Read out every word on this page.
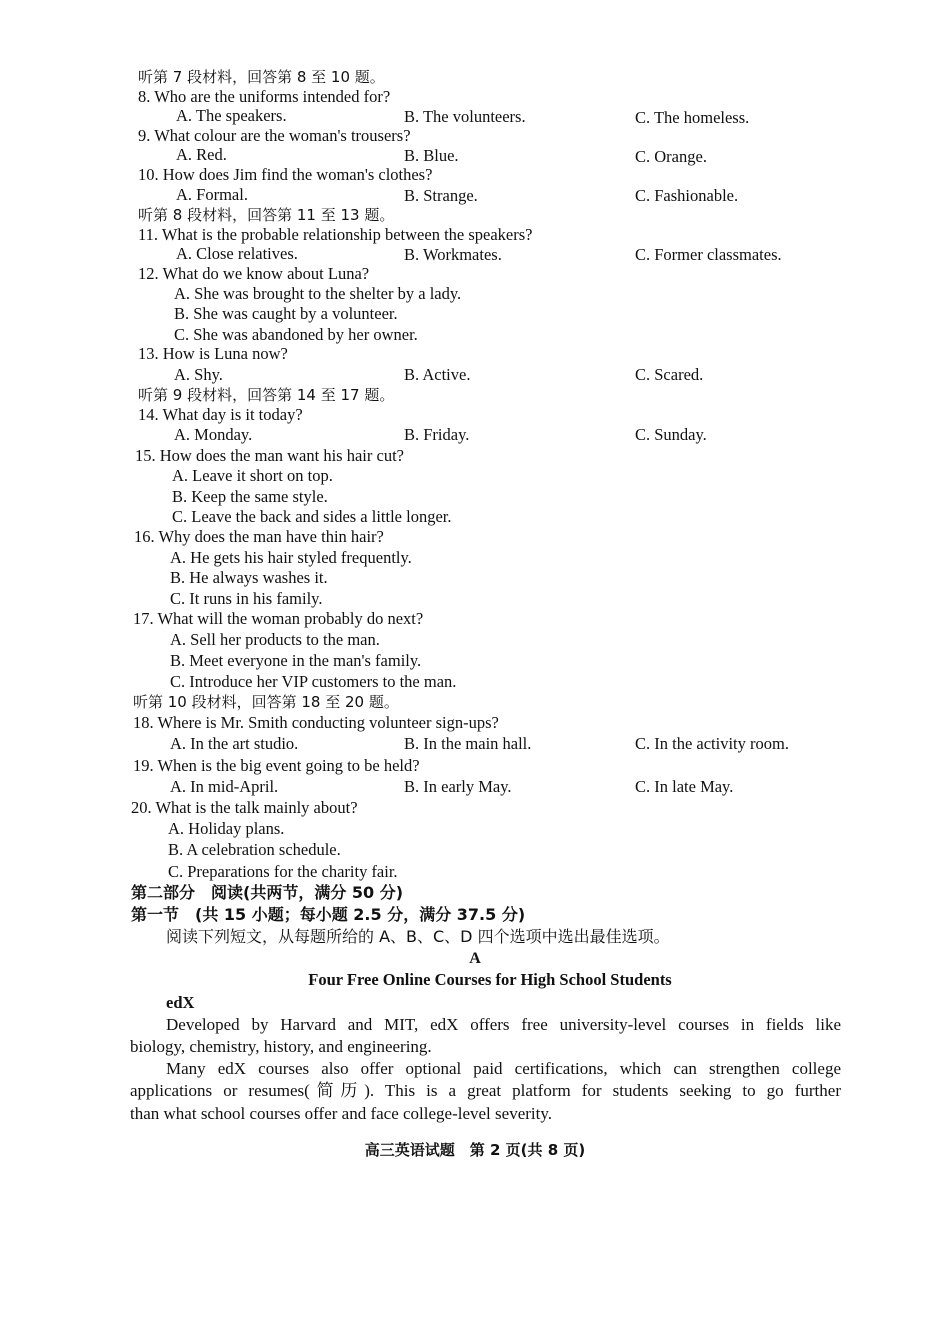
听第 7 段材料，回答第 8 至 10 题。
8. Who are the uniforms intended for?
A. The speakers.	B. The volunteers.	C. The homeless.
9. What colour are the woman's trousers?
A. Red.	B. Blue.	C. Orange.
10. How does Jim find the woman's clothes?
A. Formal.	B. Strange.	C. Fashionable.
听第 8 段材料，回答第 11 至 13 题。
11. What is the probable relationship between the speakers?
A. Close relatives.	B. Workmates.	C. Former classmates.
12. What do we know about Luna?
A. She was brought to the shelter by a lady.
B. She was caught by a volunteer.
C. She was abandoned by her owner.
13. How is Luna now?
A. Shy.	B. Active.	C. Scared.
听第 9 段材料，回答第 14 至 17 题。
14. What day is it today?
A. Monday.	B. Friday.	C. Sunday.
15. How does the man want his hair cut?
A. Leave it short on top.
B. Keep the same style.
C. Leave the back and sides a little longer.
16. Why does the man have thin hair?
A. He gets his hair styled frequently.
B. He always washes it.
C. It runs in his family.
17. What will the woman probably do next?
A. Sell her products to the man.
B. Meet everyone in the man's family.
C. Introduce her VIP customers to the man.
听第 10 段材料，回答第 18 至 20 题。
18. Where is Mr. Smith conducting volunteer sign-ups?
A. In the art studio.	B. In the main hall.	C. In the activity room.
19. When is the big event going to be held?
A. In mid-April.	B. In early May.	C. In late May.
20. What is the talk mainly about?
A. Holiday plans.
B. A celebration schedule.
C. Preparations for the charity fair.
第二部分　阅读(共两节，满分 50 分)
第一节　(共 15 小题；每小题 2.5 分，满分 37.5 分)
阅读下列短文，从每题所给的 A、B、C、D 四个选项中选出最佳选项。
A
Four Free Online Courses for High School Students
edX
Developed by Harvard and MIT, edX offers free university-level courses in fields like
biology, chemistry, history, and engineering.
Many edX courses also offer optional paid certifications, which can strengthen college
applications or resumes(简历). This is a great platform for students seeking to go further
than what school courses offer and face college-level severity.
高三英语试题　第 2 页(共 8 页)
